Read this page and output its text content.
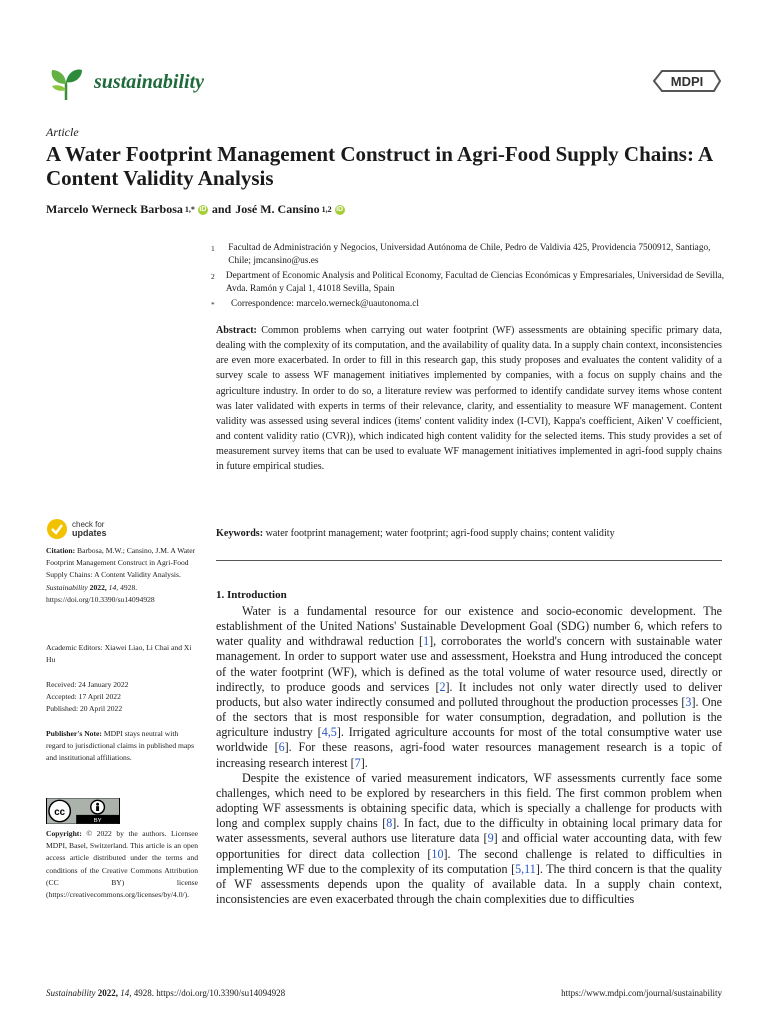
sustainability	MDPI
Article
A Water Footprint Management Construct in Agri-Food Supply Chains: A Content Validity Analysis
Marcelo Werneck Barbosa 1,* iD and José M. Cansino 1,2 iD
1	Facultad de Administración y Negocios, Universidad Autónoma de Chile, Pedro de Valdivia 425, Providencia 7500912, Santiago, Chile; jmcansino@us.es
2	Department of Economic Analysis and Political Economy, Facultad de Ciencias Económicas y Empresariales, Universidad de Sevilla, Avda. Ramón y Cajal 1, 41018 Sevilla, Spain
*	Correspondence: marcelo.werneck@uautonoma.cl
Abstract: Common problems when carrying out water footprint (WF) assessments are obtaining specific primary data, dealing with the complexity of its computation, and the availability of quality data. In a supply chain context, inconsistencies are even more exacerbated. In order to fill in this research gap, this study proposes and evaluates the content validity of a survey scale to assess WF management initiatives implemented by companies, with a focus on supply chains and the agriculture industry. In order to do so, a literature review was performed to identify candidate survey items whose content was later validated with experts in terms of their relevance, clarity, and essentiality to measure WF management. Content validity was assessed using several indices (items' content validity index (I-CVI), Kappa's coefficient, Aiken' V coefficient, and content validity ratio (CVR)), which indicated high content validity for the selected items. This study provides a set of measurement survey items that can be used to evaluate WF management initiatives implemented in agri-food supply chains in future empirical studies.
Keywords: water footprint management; water footprint; agri-food supply chains; content validity
check for
updates
Citation: Barbosa, M.W.; Cansino, J.M. A Water Footprint Management Construct in Agri-Food Supply Chains: A Content Validity Analysis. Sustainability 2022, 14, 4928. https://doi.org/10.3390/su14094928
Academic Editors: Xiawei Liao, Li Chai and Xi Hu
Received: 24 January 2022
Accepted: 17 April 2022
Published: 20 April 2022
Publisher's Note: MDPI stays neutral with regard to jurisdictional claims in published maps and institutional affiliations.
cc
BY
Copyright: © 2022 by the authors. Licensee MDPI, Basel, Switzerland. This article is an open access article distributed under the terms and conditions of the Creative Commons Attribution (CC BY) license (https://creativecommons.org/licenses/by/4.0/).
1. Introduction

Water is a fundamental resource for our existence and socio-economic development. The establishment of the United Nations' Sustainable Development Goal (SDG) number 6, which refers to water quality and withdrawal reduction [1], corroborates the world's concern with sustainable water management. In order to support water use and assessment, Hoekstra and Hung introduced the concept of the water footprint (WF), which is defined as the total volume of water resource used, directly or indirectly, to produce goods and services [2]. It includes not only water directly used to deliver products, but also water indirectly consumed and polluted throughout the production processes [3]. One of the sectors that is most responsible for water consumption, degradation, and pollution is the agriculture industry [4,5]. Irrigated agriculture accounts for most of the total consumptive water use worldwide [6]. For these reasons, agri-food water resources management research is a topic of increasing research interest [7].

Despite the existence of varied measurement indicators, WF assessments currently face some challenges, which need to be explored by researchers in this field. The first common problem when adopting WF assessments is obtaining specific data, which is specially a challenge for products with long and complex supply chains [8]. In fact, due to the difficulty in obtaining local primary data for water assessments, several authors use literature data [9] and official water accounting data, with few opportunities for direct data collection [10]. The second challenge is related to difficulties in implementing WF due to the complexity of its computation [5,11]. The third concern is that the quality of WF assessments depends upon the quality of available data. In a supply chain context, inconsistencies are even exacerbated through the chain complexities due to difficulties

Sustainability 2022, 14, 4928. https://doi.org/10.3390/su14094928	https://www.mdpi.com/journal/sustainability
